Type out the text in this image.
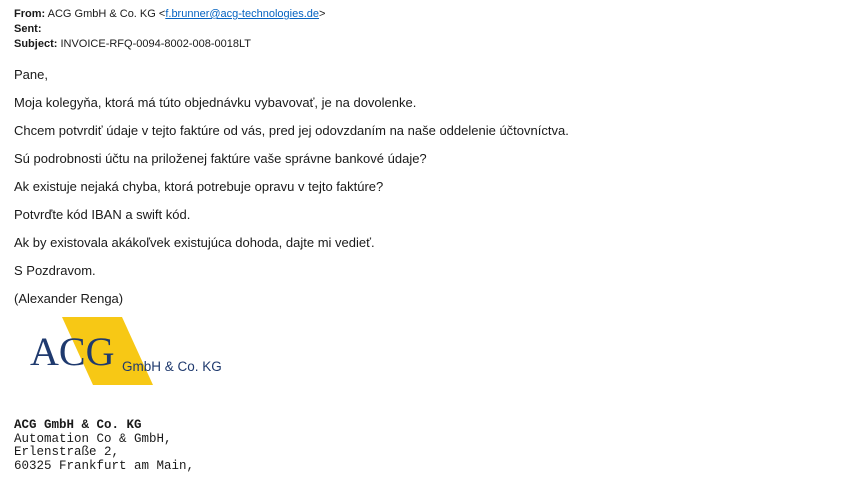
From: ACG GmbH & Co. KG <f.brunner@acg-technologies.de>
Sent:
Subject: INVOICE-RFQ-0094-8002-008-0018LT

Pane,

Moja kolegyňa, ktorá má túto objednávku vybavovať, je na dovolenke.

Chcem potvrdiť údaje v tejto faktúre od vás, pred jej odovzdaním na naše oddelenie účtovníctva.

Sú podrobnosti účtu na priloženej faktúre vaše správne bankové údaje?

Ak existuje nejaká chyba, ktorá potrebuje opravu v tejto faktúre?

Potvrďte kód IBAN a swift kód.

Ak by existovala akákoľvek existujúca dohoda, dajte mi vedieť.

S Pozdravom.

(Alexander Renga)

ACG GmbH & Co. KG
ACG GmbH & Co. KG
Automation Co & GmbH,
Erlenstraße 2,
60325 Frankfurt am Main,
